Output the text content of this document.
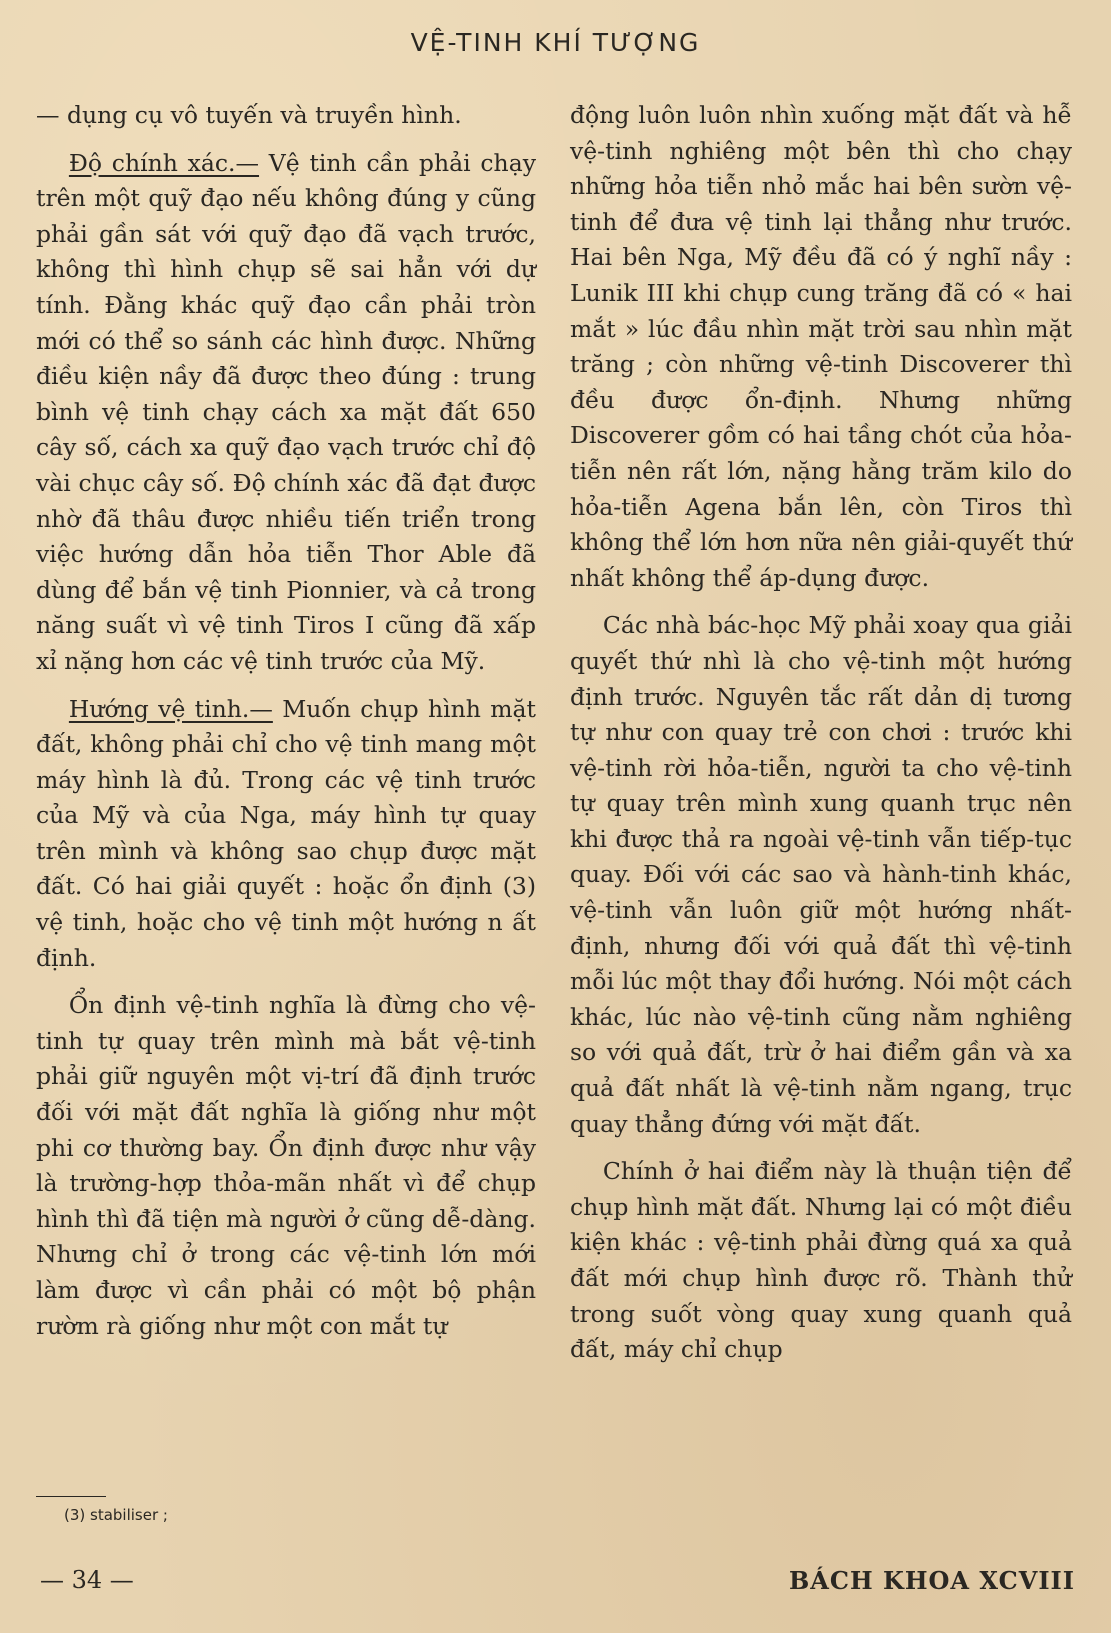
VỆ-TINH KHÍ TƯỢNG

— dụng cụ vô tuyến và truyền hình.

Độ chính xác.— Vệ tinh cần phải chạy trên một quỹ đạo nếu không đúng y cũng phải gần sát với quỹ đạo đã vạch trước, không thì hình chụp sẽ sai hẳn với dự tính. Đằng khác quỹ đạo cần phải tròn mới có thể so sánh các hình được. Những điều kiện nầy đã được theo đúng : trung bình vệ tinh chạy cách xa mặt đất 650 cây số, cách xa quỹ đạo vạch trước chỉ độ vài chục cây số. Độ chính xác đã đạt được nhờ đã thâu được nhiều tiến triển trong việc hướng dẫn hỏa tiễn Thor Able đã dùng để bắn vệ tinh Pionnier, và cả trong năng suất vì vệ tinh Tiros I cũng đã xấp xỉ nặng hơn các vệ tinh trước của Mỹ.

Hướng vệ tinh.— Muốn chụp hình mặt đất, không phải chỉ cho vệ tinh mang một máy hình là đủ. Trong các vệ tinh trước của Mỹ và của Nga, máy hình tự quay trên mình và không sao chụp được mặt đất. Có hai giải quyết : hoặc ổn định (3) vệ tinh, hoặc cho vệ tinh một hướng n ất định.

Ổn định vệ-tinh nghĩa là đừng cho vệ-tinh tự quay trên mình mà bắt vệ-tinh phải giữ nguyên một vị-trí đã định trước đối với mặt đất nghĩa là giống như một phi cơ thường bay. Ổn định được như vậy là trường-hợp thỏa-mãn nhất vì để chụp hình thì đã tiện mà người ở cũng dễ-dàng. Nhưng chỉ ở trong các vệ-tinh lớn mới làm được vì cần phải có một bộ phận rườm rà giống như một con mắt tự

động luôn luôn nhìn xuống mặt đất và hễ vệ-tinh nghiêng một bên thì cho chạy những hỏa tiễn nhỏ mắc hai bên sườn vệ-tinh để đưa vệ tinh lại thẳng như trước. Hai bên Nga, Mỹ đều đã có ý nghĩ nầy : Lunik III khi chụp cung trăng đã có « hai mắt » lúc đầu nhìn mặt trời sau nhìn mặt trăng ; còn những vệ-tinh Discoverer thì đều được ổn-định. Nhưng những Discoverer gồm có hai tầng chót của hỏa-tiễn nên rất lớn, nặng hằng trăm kilo do hỏa-tiễn Agena bắn lên, còn Tiros thì không thể lớn hơn nữa nên giải-quyết thứ nhất không thể áp-dụng được.

Các nhà bác-học Mỹ phải xoay qua giải quyết thứ nhì là cho vệ-tinh một hướng định trước. Nguyên tắc rất dản dị tương tự như con quay trẻ con chơi : trước khi vệ-tinh rời hỏa-tiễn, người ta cho vệ-tinh tự quay trên mình xung quanh trục nên khi được thả ra ngoài vệ-tinh vẫn tiếp-tục quay. Đối với các sao và hành-tinh khác, vệ-tinh vẫn luôn giữ một hướng nhất-định, nhưng đối với quả đất thì vệ-tinh mỗi lúc một thay đổi hướng. Nói một cách khác, lúc nào vệ-tinh cũng nằm nghiêng so với quả đất, trừ ở hai điểm gần và xa quả đất nhất là vệ-tinh nằm ngang, trục quay thẳng đứng với mặt đất.

Chính ở hai điểm này là thuận tiện để chụp hình mặt đất. Nhưng lại có một điều kiện khác : vệ-tinh phải đừng quá xa quả đất mới chụp hình được rõ. Thành thử trong suốt vòng quay xung quanh quả đất, máy chỉ chụp

(3) stabiliser ;
— 34 —	BÁCH KHOA XCVIII
